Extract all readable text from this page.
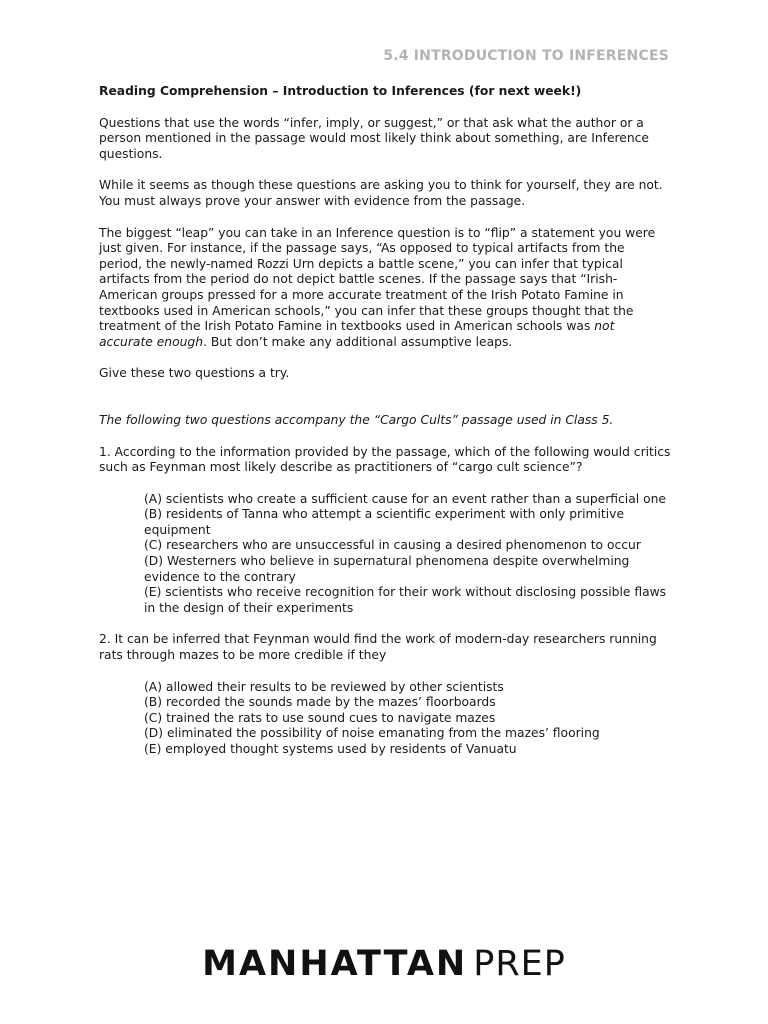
5.4 INTRODUCTION TO INFERENCES

Reading Comprehension – Introduction to Inferences (for next week!)

Questions that use the words “infer, imply, or suggest,” or that ask what the author or a person mentioned in the passage would most likely think about something, are Inference questions.

While it seems as though these questions are asking you to think for yourself, they are not. You must always prove your answer with evidence from the passage.

The biggest “leap” you can take in an Inference question is to “flip” a statement you were just given. For instance, if the passage says, “As opposed to typical artifacts from the period, the newly-named Rozzi Urn depicts a battle scene,” you can infer that typical artifacts from the period do not depict battle scenes. If the passage says that “Irish-American groups pressed for a more accurate treatment of the Irish Potato Famine in textbooks used in American schools,” you can infer that these groups thought that the treatment of the Irish Potato Famine in textbooks used in American schools was not accurate enough. But don’t make any additional assumptive leaps.

Give these two questions a try.

The following two questions accompany the “Cargo Cults” passage used in Class 5.

1. According to the information provided by the passage, which of the following would critics such as Feynman most likely describe as practitioners of “cargo cult science”?

(A) scientists who create a sufficient cause for an event rather than a superficial one
(B) residents of Tanna who attempt a scientific experiment with only primitive equipment
(C) researchers who are unsuccessful in causing a desired phenomenon to occur
(D) Westerners who believe in supernatural phenomena despite overwhelming evidence to the contrary
(E) scientists who receive recognition for their work without disclosing possible flaws in the design of their experiments

2. It can be inferred that Feynman would find the work of modern-day researchers running rats through mazes to be more credible if they

(A) allowed their results to be reviewed by other scientists
(B) recorded the sounds made by the mazes’ floorboards
(C) trained the rats to use sound cues to navigate mazes
(D) eliminated the possibility of noise emanating from the mazes’ flooring
(E) employed thought systems used by residents of Vanuatu
MANHATTAN PREP
